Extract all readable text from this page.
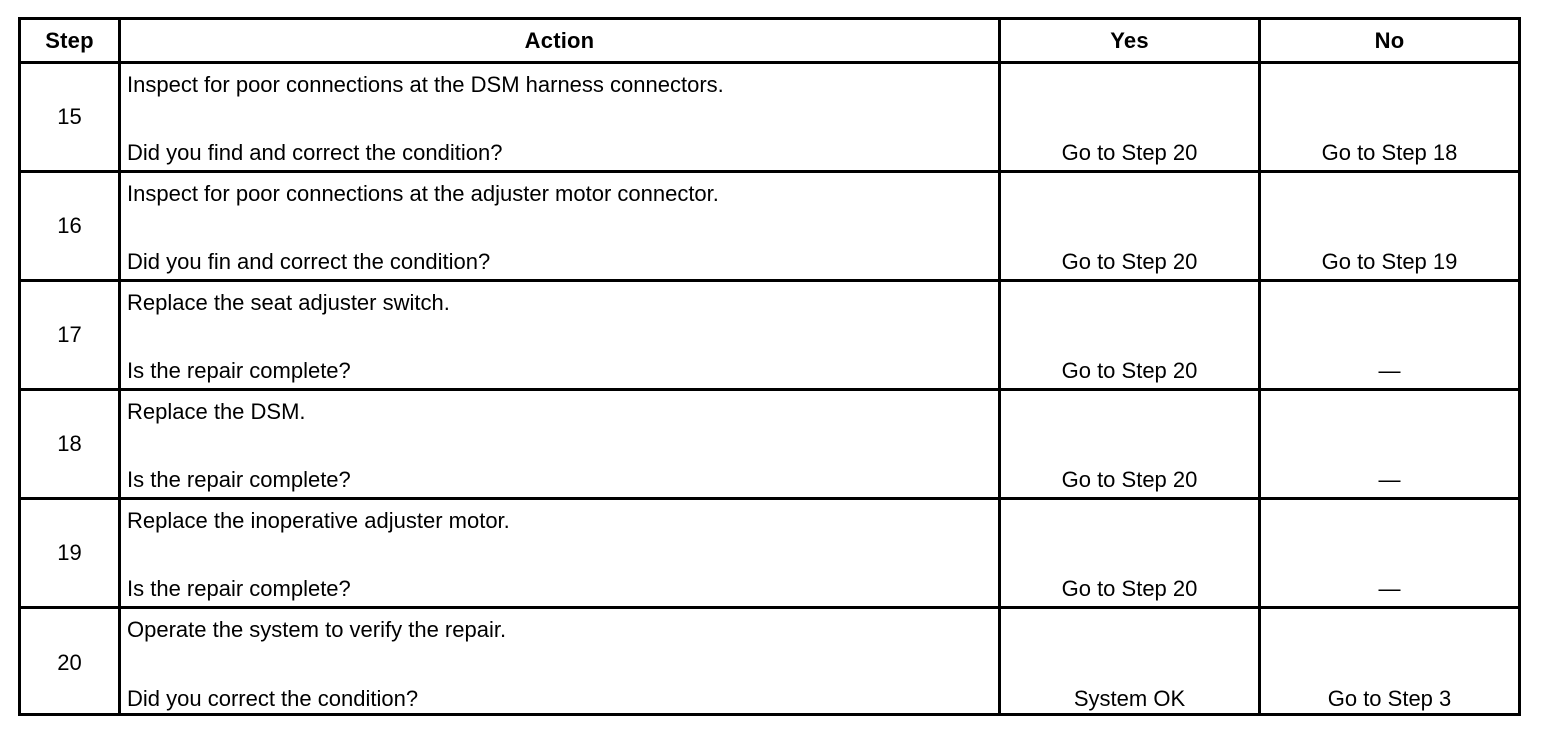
Step	Action	Yes	No
15
Inspect for poor connections at the DSM harness connectors.
Did you find and correct the condition?	Go to Step 20	Go to Step 18
16
Inspect for poor connections at the adjuster motor connector.
Did you fin and correct the condition?	Go to Step 20	Go to Step 19
17
Replace the seat adjuster switch.
Is the repair complete?	Go to Step 20	—
18
Replace the DSM.
Is the repair complete?	Go to Step 20	—
19
Replace the inoperative adjuster motor.
Is the repair complete?	Go to Step 20	—
20
Operate the system to verify the repair.
Did you correct the condition?	System OK	Go to Step 3
